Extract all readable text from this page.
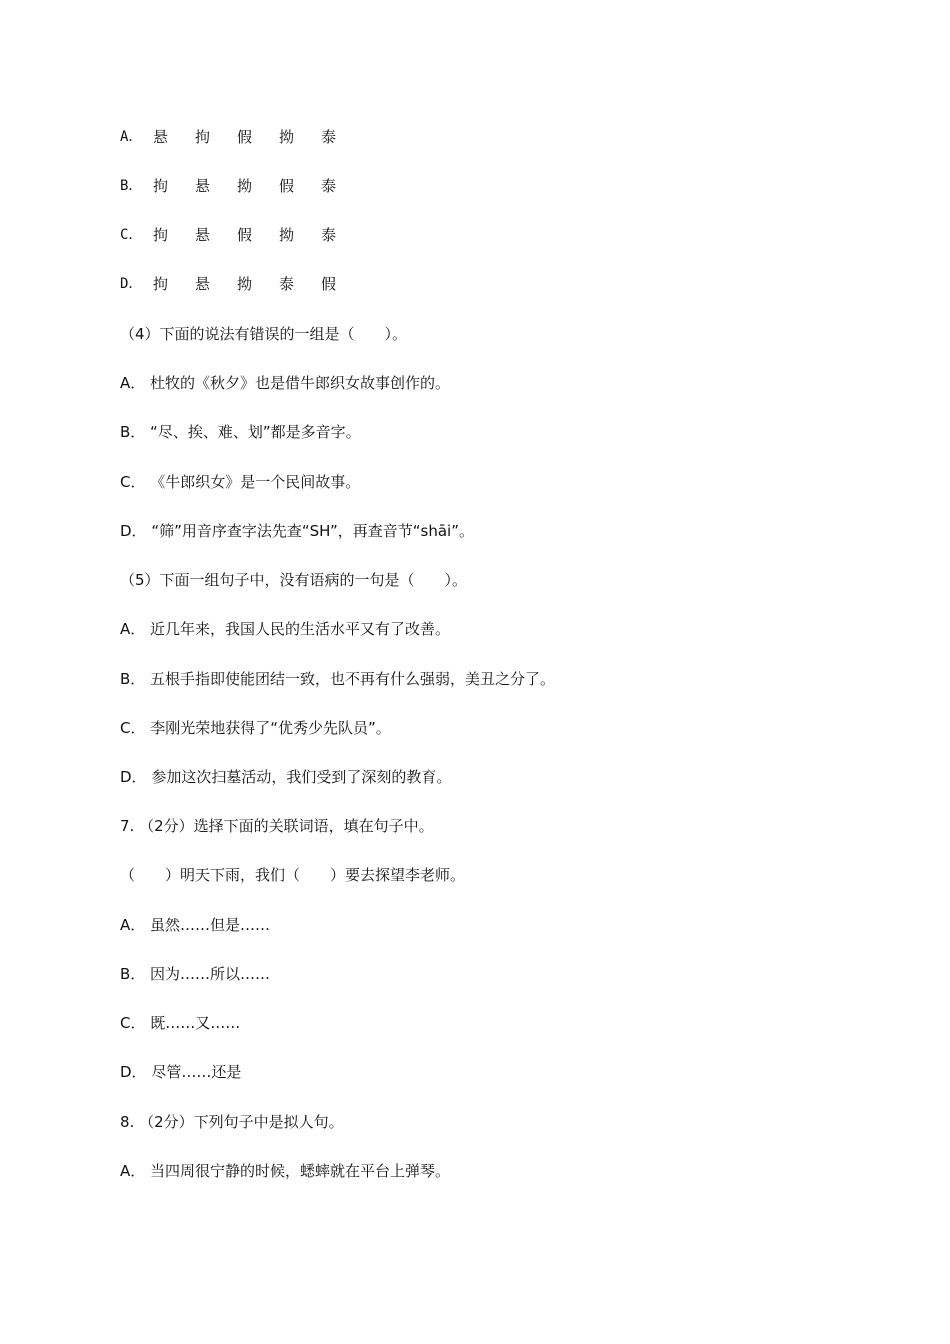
A． 悬	拘	假	拗	泰
B． 拘	悬	拗	假	泰
C． 拘	悬	假	拗	泰
D． 拘	悬	拗	泰	假
（4）下面的说法有错误的一组是（　　）。
A． 杜牧的《秋夕》也是借牛郎织女故事创作的。
B． “尽、挨、难、划”都是多音字。
C． 《牛郎织女》是一个民间故事。
D． “筛”用音序查字法先查“SH”，再查音节“shāi”。
（5）下面一组句子中，没有语病的一句是（　　）。
A． 近几年来，我国人民的生活水平又有了改善。
B． 五根手指即使能团结一致，也不再有什么强弱，美丑之分了。
C． 李刚光荣地获得了“优秀少先队员”。
D． 参加这次扫墓活动，我们受到了深刻的教育。
7. （2分）选择下面的关联词语，填在句子中。
（　　）明天下雨，我们（　　）要去探望李老师。
A． 虽然……但是……
B． 因为……所以……
C． 既……又……
D． 尽管……还是
8. （2分）下列句子中是拟人句。
A． 当四周很宁静的时候，蟋蟀就在平台上弹琴。
